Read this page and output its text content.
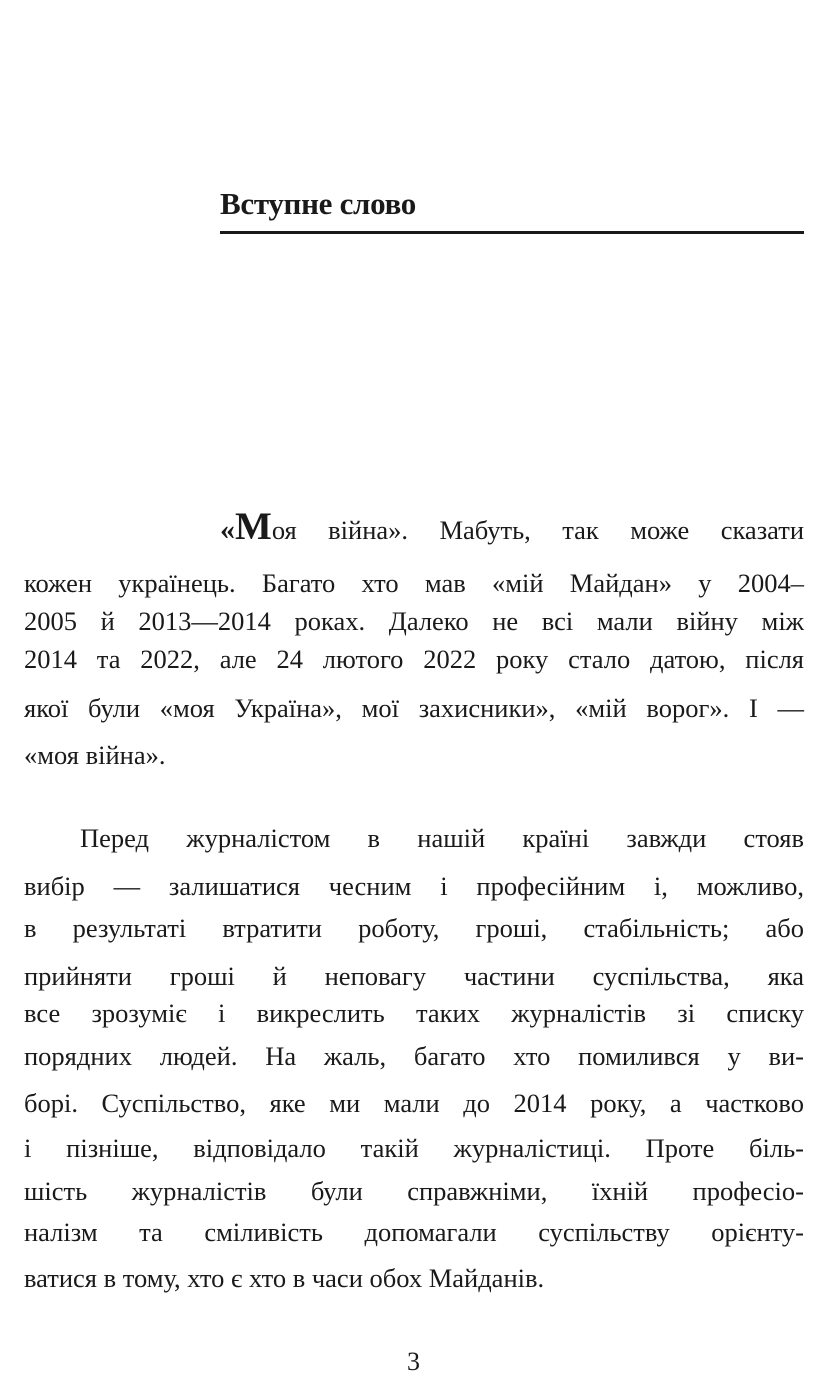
Вступне слово
«Моя війна». Мабуть, так може сказати
кожен українець. Багато хто мав «мій Майдан» у 2004–
2005 й 2013—2014 роках. Далеко не всі мали війну між
2014 та 2022, але 24 лютого 2022 року стало датою, після
якої були «моя Україна», мої захисники», «мій ворог». І —
«моя війна».
Перед журналістом в нашій країні завжди стояв
вибір — залишатися чесним і професійним і, можливо,
в результаті втратити роботу, гроші, стабільність; або
прийняти гроші й неповагу частини суспільства, яка
все зрозуміє і викреслить таких журналістів зі списку
порядних людей. На жаль, багато хто помилився у ви-
борі. Суспільство, яке ми мали до 2014 року, а частково
і пізніше, відповідало такій журналістиці. Проте біль-
шість журналістів були справжніми, їхній професіо-
налізм та сміливість допомагали суспільству орієнту-
ватися в тому, хто є хто в часи обох Майданів.
3
